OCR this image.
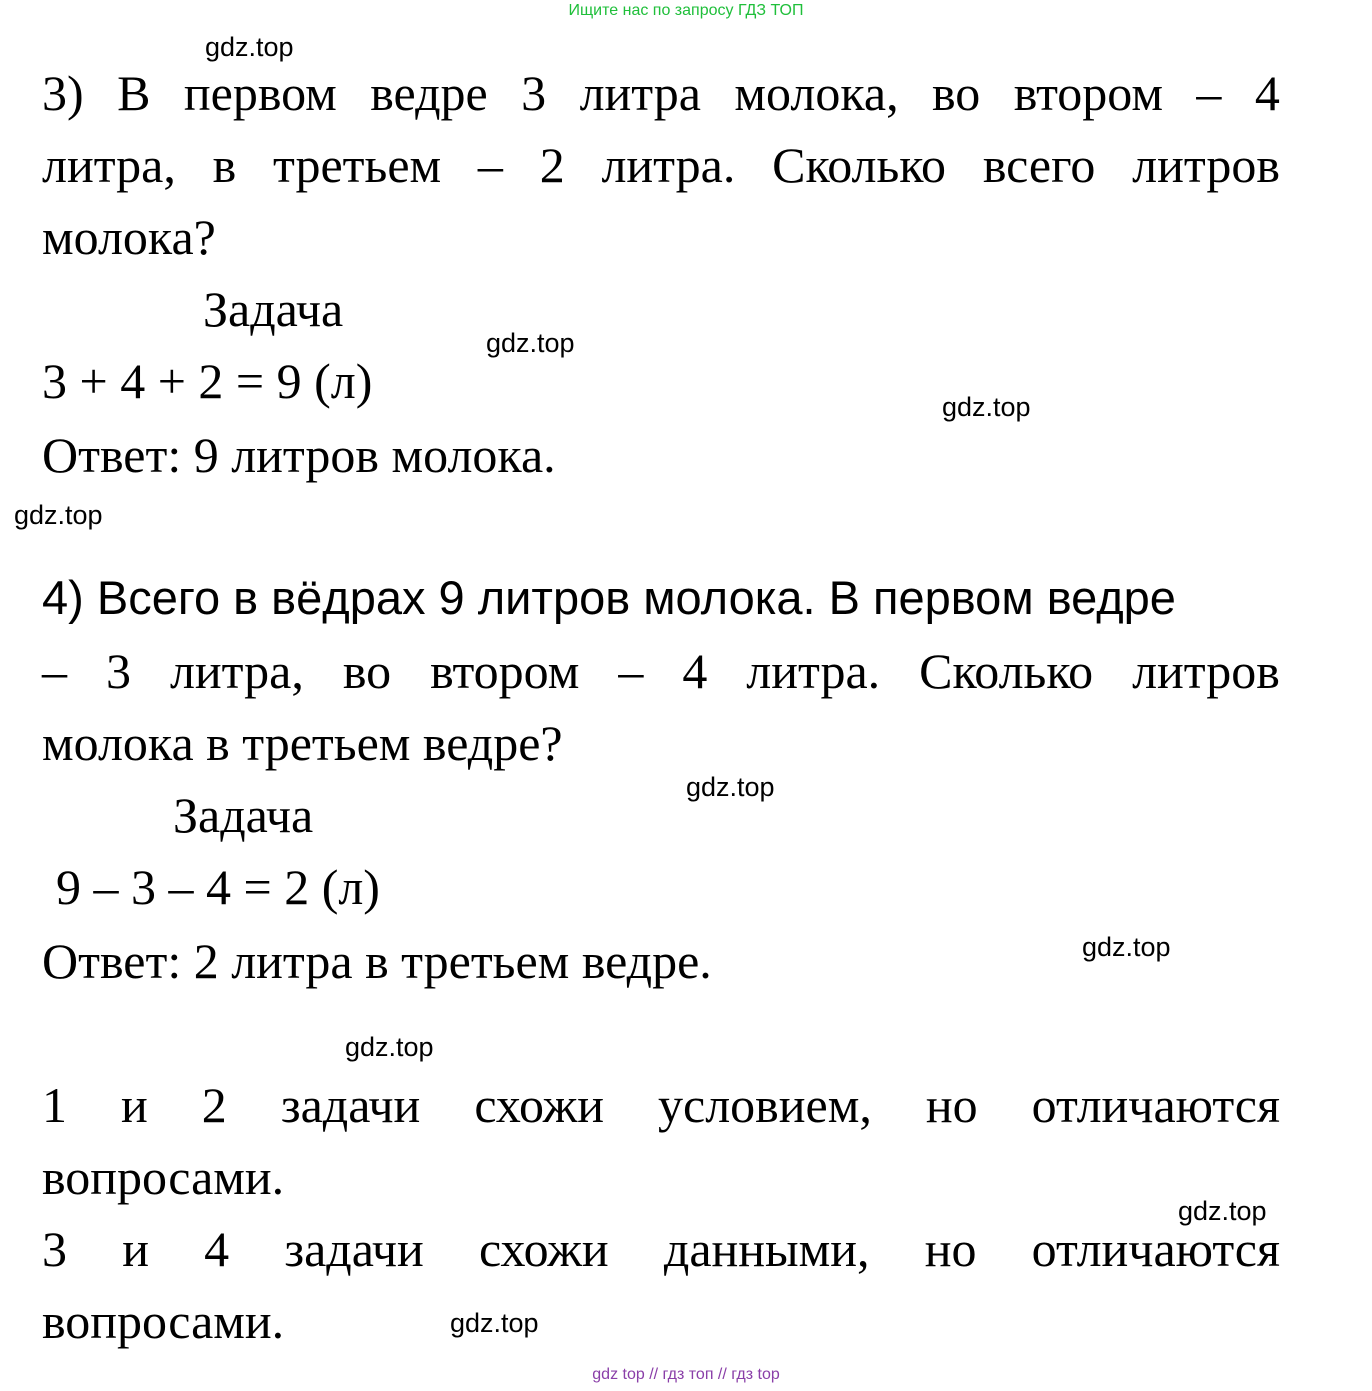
Ищите нас по запросу ГДЗ ТОП
gdz.top
gdz.top
gdz.top
gdz.top
gdz.top
gdz.top
gdz.top
gdz.top
gdz.top
3) В первом ведре 3 литра молока, во втором – 4
литра, в третьем – 2 литра. Сколько всего литров
молока?
Задача
3 + 4 + 2 = 9 (л)
Ответ: 9 литров молока.
4) Всего в вёдрах 9 литров молока. В первом ведре
– 3 литра, во втором – 4 литра. Сколько литров
молока в третьем ведре?
Задача
9 – 3 – 4 = 2 (л)
Ответ: 2 литра в третьем ведре.
1 и 2 задачи схожи условием, но отличаются
вопросами.
3 и 4 задачи схожи данными, но отличаются
вопросами.
gdz top // гдз топ // гдз top
